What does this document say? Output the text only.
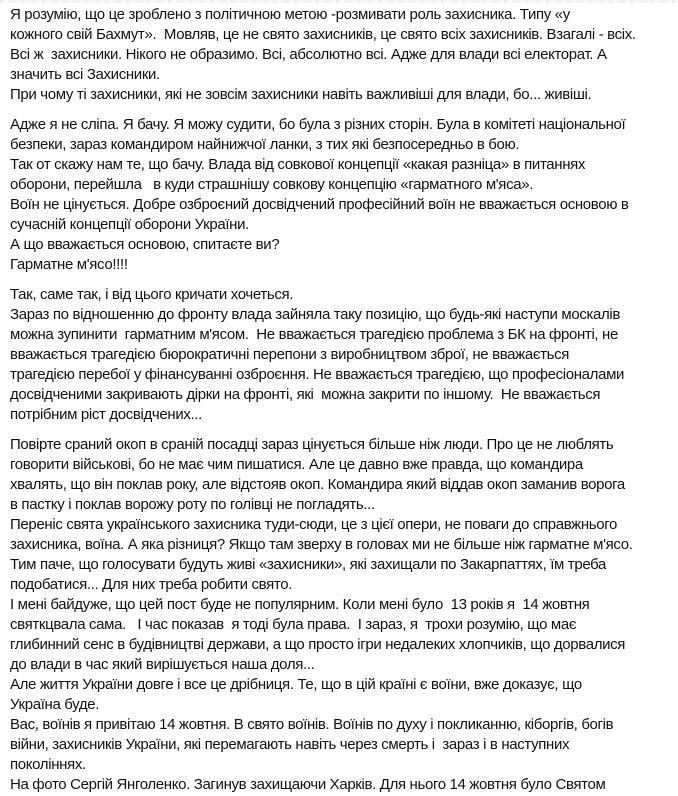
Я розумію, що це зроблено з політичною метою -розмивати роль захисника. Типу «у
кожного свій Бахмут».  Мовляв, це не свято захисників, це свято всіх захисників. Взагалі - всіх.
Всі ж  захисники. Нікого не образимо. Всі, абсолютно всі. Адже для влади всі електорат. А
значить всі Захисники.
При чому ті захисники, які не зовсім захисники навіть важливіші для влади, бо... живіші.
Адже я не сліпа. Я бачу. Я можу судити, бо була з різних сторін. Була в комітеті національної
безпеки, зараз командиром найнижчої ланки, з тих які безпосередньо в бою.
Так от скажу нам те, що бачу. Влада від совкової концепції «какая разніца» в питаннях
оборони, перейшла   в куди страшнішу совкову концепцію «гарматного м'яса».
Воїн не цінується. Добре озброєний досвідчений професійний воїн не вважається основою в
сучасній концепції оборони України.
А що вважається основою, спитаєте ви?
Гарматне м'ясо!!!!
Так, саме так, і від цього кричати хочеться.
Зараз по відношенню до фронту влада зайняла таку позицію, що будь-які наступи москалів
можна зупинити  гарматним м'ясом.  Не вважається трагедією проблема з БК на фронті, не
вважається трагедією бюрократичні перепони з виробництвом зброї, не вважається
трагедією перебої у фінансуванні озброєння. Не вважається трагедією, що професіоналами
досвідченими закривають дірки на фронті, які  можна закрити по іншому.  Не вважається
потрібним ріст досвідчених...
Повірте сраний окоп в сраній посадці зараз цінується більше ніж люди. Про це не люблять
говорити військові, бо не має чим пишатися. Але це давно вже правда, що командира
хвалять, що він поклав року, але відстояв окоп. Командира який віддав окоп заманив ворога
в пастку і поклав ворожу роту по голівці не погладять...
Переніс свята українського захисника туди-сюди, це з цієї опери, не поваги до справжнього
захисника, воїна. А яка різниця? Якщо там зверху в головах ми не більше ніж гарматне м'ясо.
Тим паче, що голосувати будуть живі «захисники», які захищали по Закарпаттях, їм треба
подобатися... Для них треба робити свято.
І мені байдуже, що цей пост буде не популярним. Коли мені було  13 років я  14 жовтня
святкцвала сама.   І час показав  я тоді була права.  І зараз, я  трохи розумію, що має
глибинний сенс в будівництві держави, а що просто ігри недалеких хлопчиків, що дорвалися
до влади в час який вирішується наша доля...
Але життя України довге і все це дрібниця. Те, що в цій країні є воїни, вже доказує, що
Україна буде.
Вас, воїнів я привітаю 14 жовтня. В свято воїнів. Воїнів по духу і покликанню, кіборгів, богів
війни, захисників України, які перемагають навіть через смерть і  зараз і в наступних
поколіннях.
На фото Сергій Янголенко. Загинув захищаючи Харків. Для нього 14 жовтня було Святом
